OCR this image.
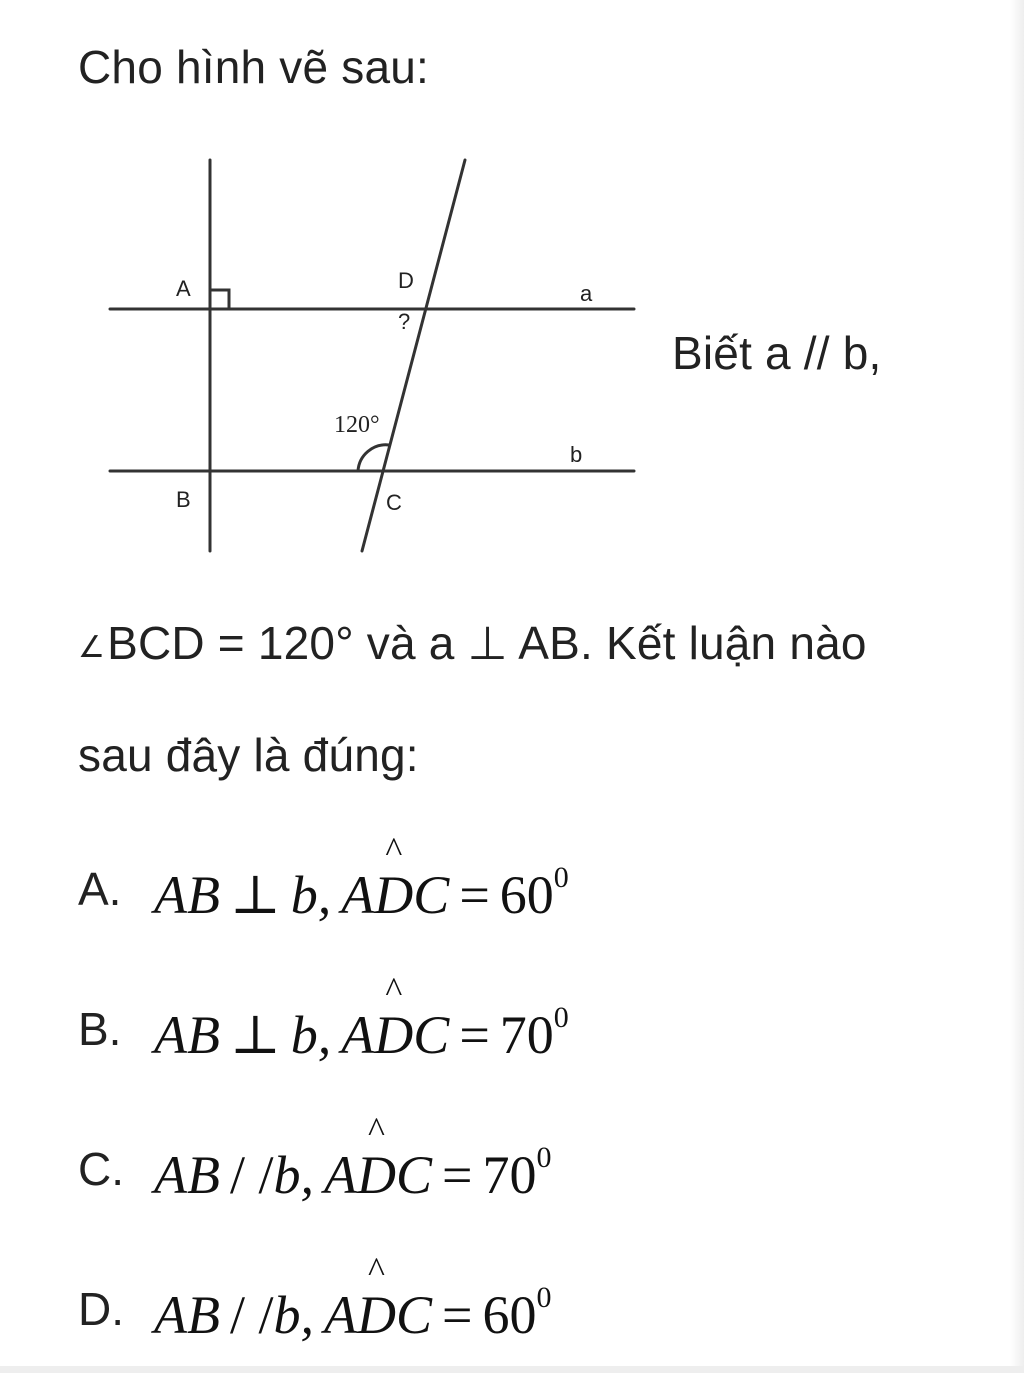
Cho hình vẽ sau:
A	D
a
?
120°
b
B	C
Biết a // b,
∠BCD = 120° và a ⊥ AB. Kết luận nào
sau đây là đúng:
A. AB ⊥ b, AD
^
$C = 60^0$
B. AB ⊥ b, AD
^
$C = 70^0$
C. AB / /b, AD
^
$C = 70^0$
D. AB / /b, AD
^
$C = 60^0$
